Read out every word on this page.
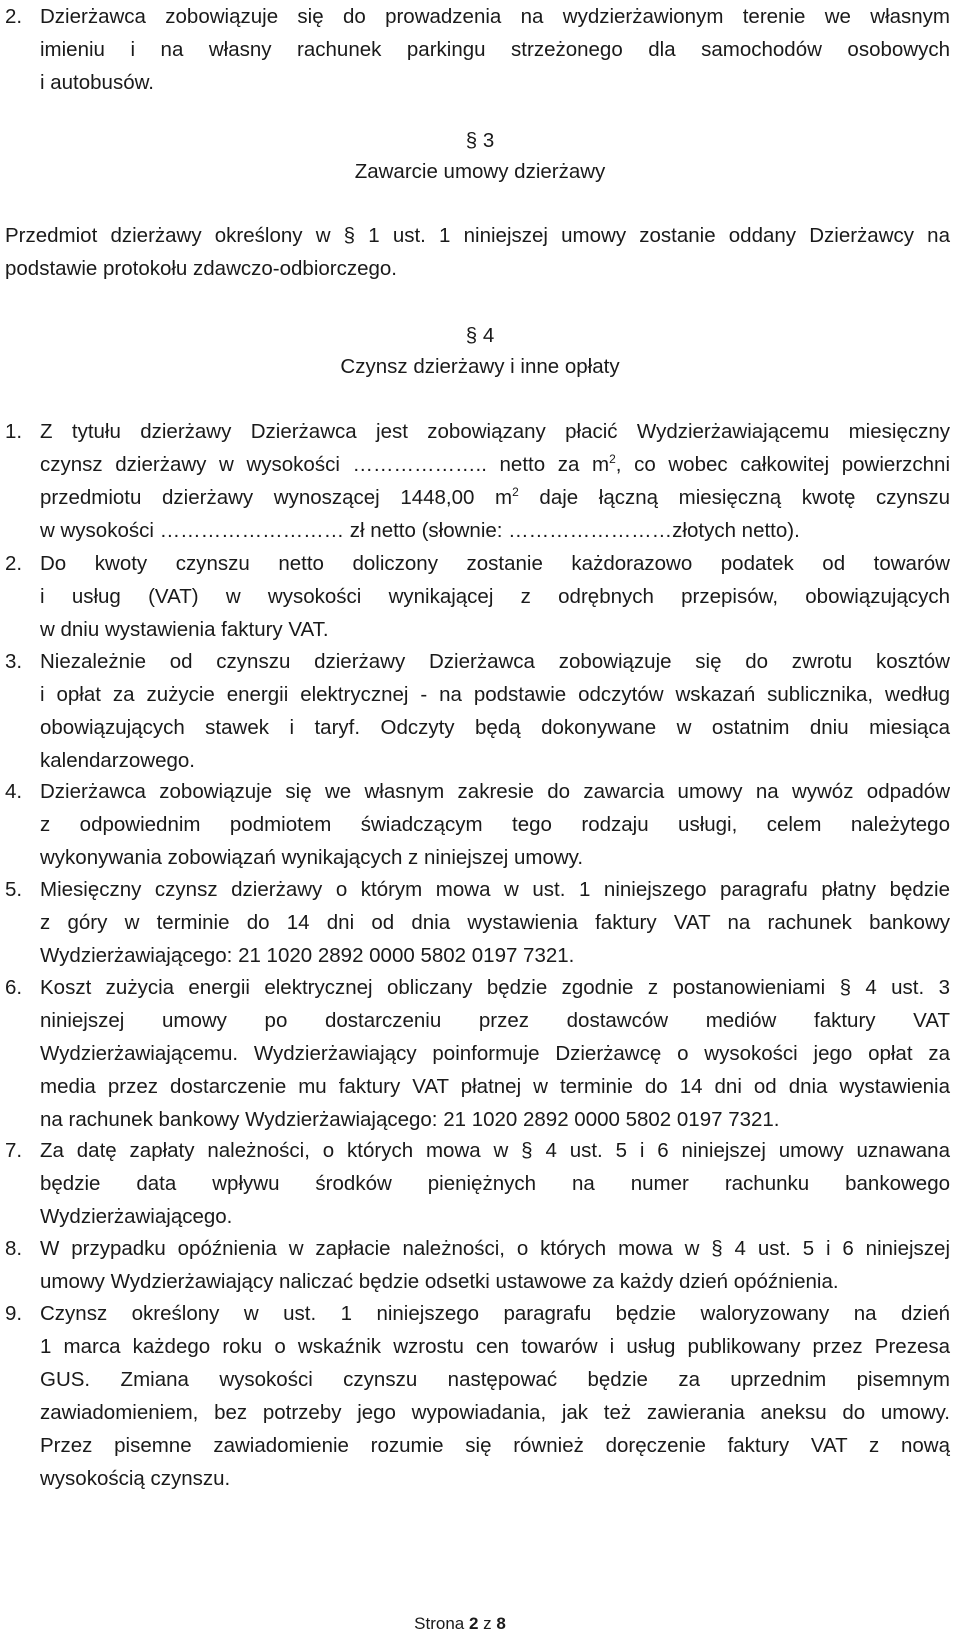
2. Dzierżawca zobowiązuje się do prowadzenia na wydzierżawionym terenie we własnym
imieniu i na własny rachunek parkingu strzeżonego dla samochodów osobowych
i autobusów.
§ 3
Zawarcie umowy dzierżawy
Przedmiot dzierżawy określony w § 1 ust. 1 niniejszej umowy zostanie oddany Dzierżawcy na
podstawie protokołu zdawczo-odbiorczego.
§ 4
Czynsz dzierżawy i inne opłaty
1. Z tytułu dzierżawy Dzierżawca jest zobowiązany płacić Wydzierżawiającemu miesięczny
czynsz dzierżawy w wysokości ……………….. netto za $m^2$, co wobec całkowitej powierzchni
przedmiotu dzierżawy wynoszącej 1448,00 $m^2$ daje łączną miesięczną kwotę czynszu
w wysokości ……………………… zł netto (słownie: ……………………złotych netto).
2. Do kwoty czynszu netto doliczony zostanie każdorazowo podatek od towarów
i usług (VAT) w wysokości wynikającej z odrębnych przepisów, obowiązujących
w dniu wystawienia faktury VAT.
3. Niezależnie od czynszu dzierżawy Dzierżawca zobowiązuje się do zwrotu kosztów
i opłat za zużycie energii elektrycznej - na podstawie odczytów wskazań sublicznika, według
obowiązujących stawek i taryf. Odczyty będą dokonywane w ostatnim dniu miesiąca
kalendarzowego.
4. Dzierżawca zobowiązuje się we własnym zakresie do zawarcia umowy na wywóz odpadów
z odpowiednim podmiotem świadczącym tego rodzaju usługi, celem należytego
wykonywania zobowiązań wynikających z niniejszej umowy.
5. Miesięczny czynsz dzierżawy o którym mowa w ust. 1 niniejszego paragrafu płatny będzie
z góry w terminie do 14 dni od dnia wystawienia faktury VAT na rachunek bankowy
Wydzierżawiającego: 21 1020 2892 0000 5802 0197 7321.
6. Koszt zużycia energii elektrycznej obliczany będzie zgodnie z postanowieniami § 4 ust. 3
niniejszej umowy po dostarczeniu przez dostawców mediów faktury VAT
Wydzierżawiającemu. Wydzierżawiający poinformuje Dzierżawcę o wysokości jego opłat za
media przez dostarczenie mu faktury VAT płatnej w terminie do 14 dni od dnia wystawienia
na rachunek bankowy Wydzierżawiającego: 21 1020 2892 0000 5802 0197 7321.
7. Za datę zapłaty należności, o których mowa w § 4 ust. 5 i 6 niniejszej umowy uznawana
będzie data wpływu środków pieniężnych na numer rachunku bankowego
Wydzierżawiającego.
8. W przypadku opóźnienia w zapłacie należności, o których mowa w § 4 ust. 5 i 6 niniejszej
umowy Wydzierżawiający naliczać będzie odsetki ustawowe za każdy dzień opóźnienia.
9. Czynsz określony w ust. 1 niniejszego paragrafu będzie waloryzowany na dzień
1 marca każdego roku o wskaźnik wzrostu cen towarów i usług publikowany przez Prezesa
GUS. Zmiana wysokości czynszu następować będzie za uprzednim pisemnym
zawiadomieniem, bez potrzeby jego wypowiadania, jak też zawierania aneksu do umowy.
Przez pisemne zawiadomienie rozumie się również doręczenie faktury VAT z nową
wysokością czynszu.
Strona 2 z 8
